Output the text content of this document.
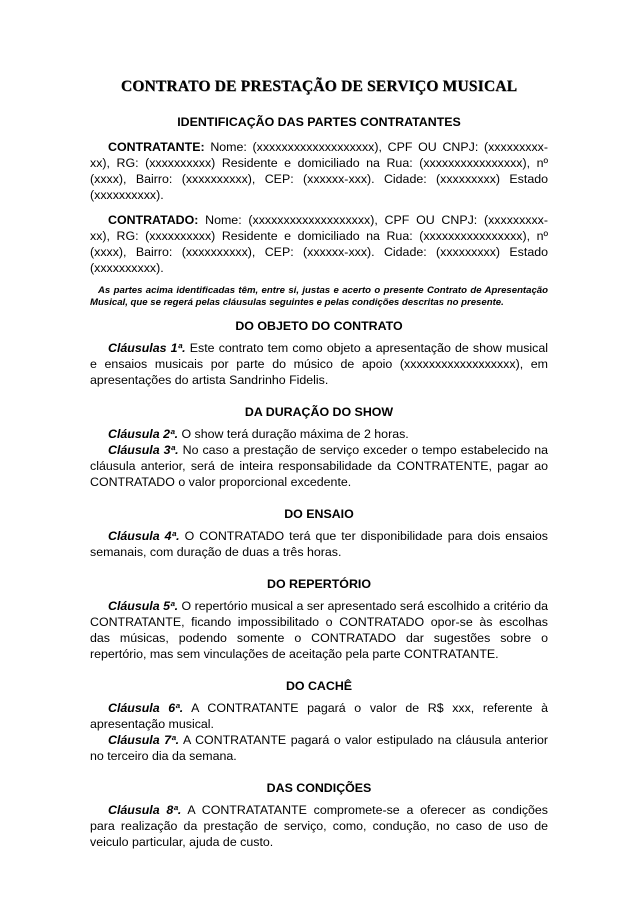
CONTRATO DE PRESTAÇÃO DE SERVIÇO MUSICAL
IDENTIFICAÇÃO DAS PARTES CONTRATANTES

CONTRATANTE: Nome: (xxxxxxxxxxxxxxxxxxx), CPF OU CNPJ: (xxxxxxxxx-xx), RG: (xxxxxxxxxx) Residente e domiciliado na Rua: (xxxxxxxxxxxxxxxx), nº (xxxx), Bairro: (xxxxxxxxxx), CEP: (xxxxxx-xxx). Cidade: (xxxxxxxxx) Estado (xxxxxxxxxx).

CONTRATADO: Nome: (xxxxxxxxxxxxxxxxxxx), CPF OU CNPJ: (xxxxxxxxx-xx), RG: (xxxxxxxxxx) Residente e domiciliado na Rua: (xxxxxxxxxxxxxxxx), nº (xxxx), Bairro: (xxxxxxxxxx), CEP: (xxxxxx-xxx). Cidade: (xxxxxxxxx) Estado (xxxxxxxxxx).

As partes acima identificadas têm, entre si, justas e acerto o presente Contrato de Apresentação Musical, que se regerá pelas cláusulas seguintes e pelas condições descritas no presente.

DO OBJETO DO CONTRATO

Cláusulas 1ª. Este contrato tem como objeto a apresentação de show musical e ensaios musicais por parte do músico de apoio (xxxxxxxxxxxxxxxxxx), em apresentações do artista Sandrinho Fidelis.

DA DURAÇÃO DO SHOW

Cláusula 2ª. O show terá duração máxima de 2 horas.

Cláusula 3ª. No caso a prestação de serviço exceder o tempo estabelecido na cláusula anterior, será de inteira responsabilidade da CONTRATENTE, pagar ao CONTRATADO o valor proporcional excedente.

DO ENSAIO

Cláusula 4ª. O CONTRATADO terá que ter disponibilidade para dois ensaios semanais, com duração de duas a três horas.

DO REPERTÓRIO

Cláusula 5ª. O repertório musical a ser apresentado será escolhido a critério da CONTRATANTE, ficando impossibilitado o CONTRATADO opor-se às escolhas das músicas, podendo somente o CONTRATADO dar sugestões sobre o repertório, mas sem vinculações de aceitação pela parte CONTRATANTE.

DO CACHÊ

Cláusula 6ª. A CONTRATANTE pagará o valor de R$ xxx, referente à apresentação musical.

Cláusula 7ª. A CONTRATANTE pagará o valor estipulado na cláusula anterior no terceiro dia da semana.

DAS CONDIÇÕES

Cláusula 8ª. A CONTRATATANTE compromete-se a oferecer as condições para realização da prestação de serviço, como, condução, no caso de uso de veiculo particular, ajuda de custo.
